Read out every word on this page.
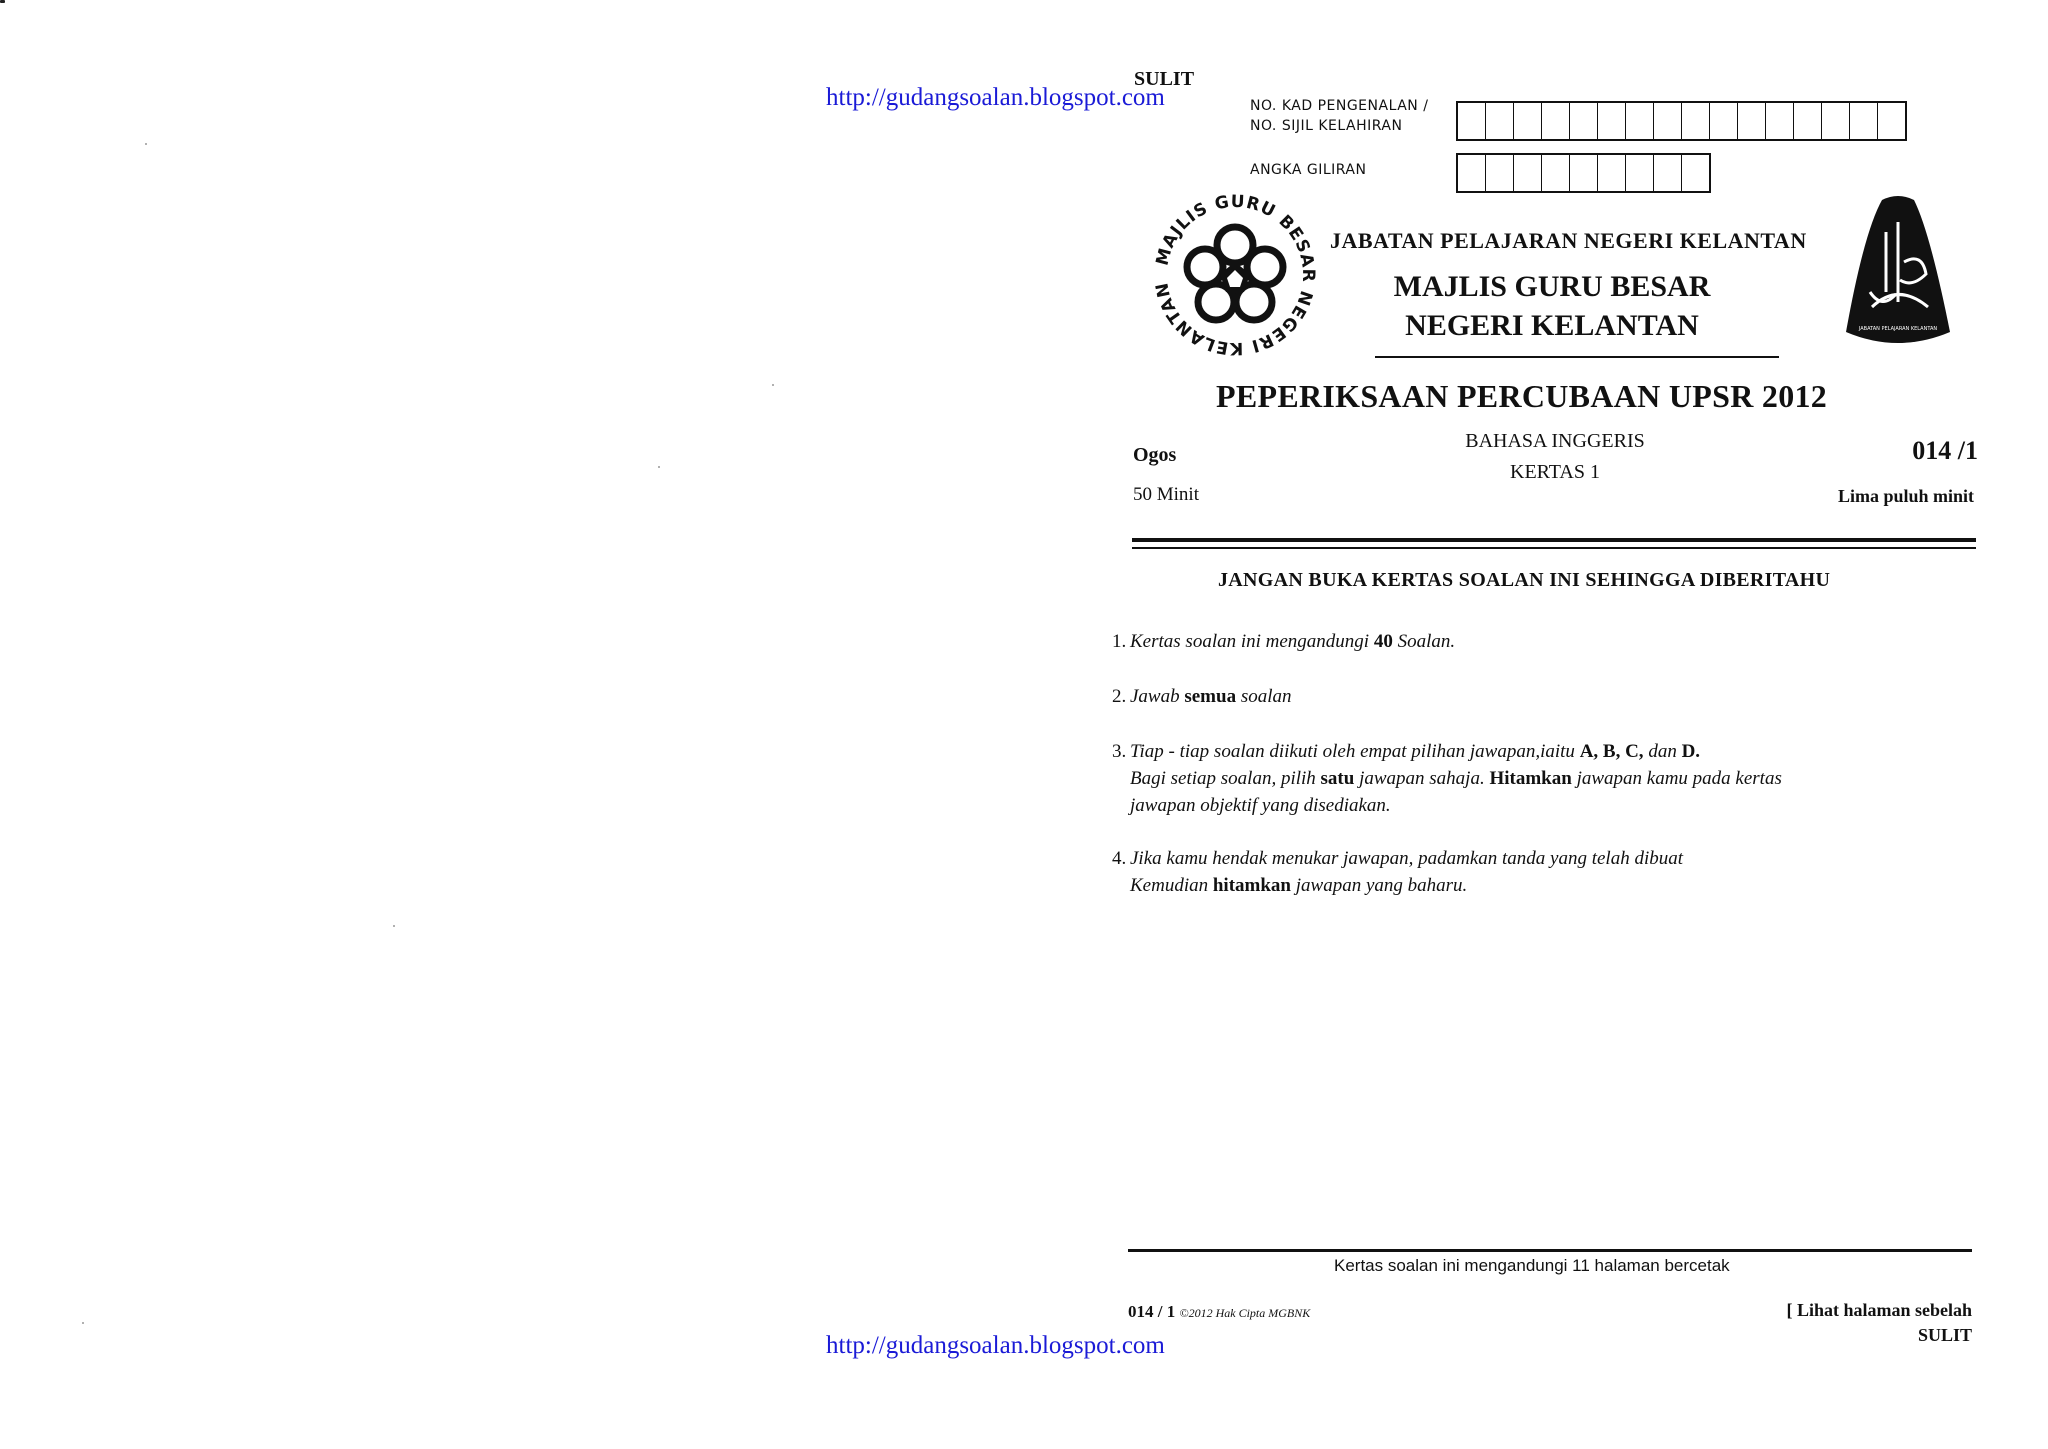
SULIT
http://gudangsoalan.blogspot.com	NO. KAD PENGENALAN /
NO. SIJIL KELAHIRAN
ANGKA GILIRAN
MAJLIS GURU BESAR NEGERI KELANTAN
JABATAN PELAJARAN KELANTAN
JABATAN PELAJARAN NEGERI KELANTAN
MAJLIS GURU BESAR
NEGERI KELANTAN
PEPERIKSAAN PERCUBAAN UPSR 2012
Ogos
BAHASA INGGERIS
KERTAS 1
014 /1
50 Minit	Lima puluh minit
JANGAN BUKA KERTAS SOALAN INI SEHINGGA DIBERITAHU
1. Kertas soalan ini mengandungi 40 Soalan.
2. Jawab semua soalan
3. Tiap - tiap soalan diikuti oleh empat pilihan jawapan,iaitu A, B, C, dan D.
Bagi setiap soalan, pilih satu jawapan sahaja. Hitamkan jawapan kamu pada kertas
jawapan objektif yang disediakan.
4. Jika kamu hendak menukar jawapan, padamkan tanda yang telah dibuat
Kemudian hitamkan jawapan yang baharu.
Kertas soalan ini mengandungi 11 halaman bercetak
014 / 1 ©2012 Hak Cipta MGBNK	[ Lihat halaman sebelah
SULIT
http://gudangsoalan.blogspot.com
